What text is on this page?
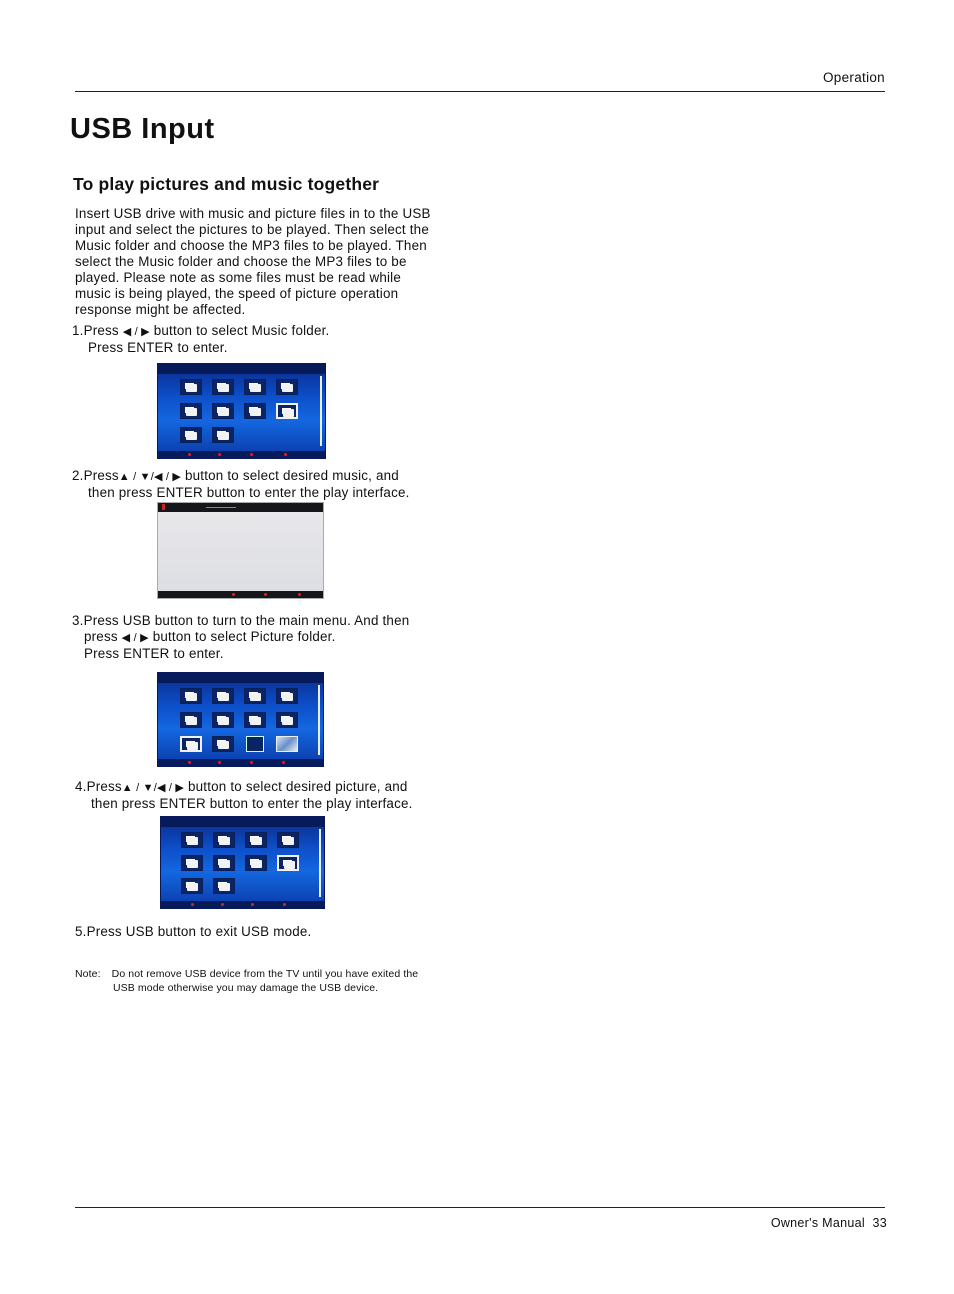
Operation
USB Input
To play pictures and music together
Insert USB drive with music and picture files in to the USB
input and select the pictures to be played. Then select the
Music folder and choose the MP3 files to be played. Then
select the Music folder and choose the MP3 files to be
played. Please note as some files must be read while
music is being played, the speed of picture operation
response might be affected.
1.Press ◀ / ▶ button to select Music folder.
Press ENTER to enter.
2.Press▲ / ▼/◀ / ▶ button to select desired music, and
then press ENTER button to enter the play interface.
3.Press USB button to turn to the main menu. And then
press ◀ / ▶ button to select Picture folder.
Press ENTER to enter.
4.Press▲ / ▼/◀ / ▶ button to select desired picture, and
then press ENTER button to enter the play interface.
5.Press USB button to exit USB mode.
Note: Do not remove USB device from the TV until you have exited the
USB mode otherwise you may damage the USB device.
Owner's Manual  33
